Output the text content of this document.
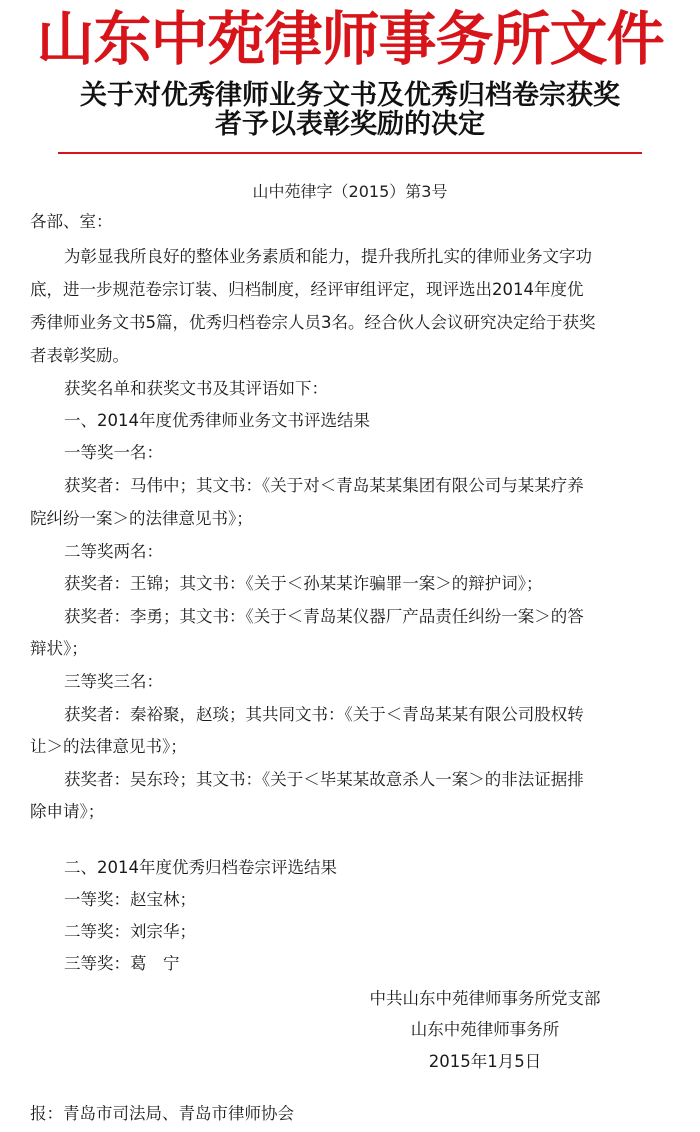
山东中苑律师事务所文件
关于对优秀律师业务文书及优秀归档卷宗获奖
者予以表彰奖励的决定
山中苑律字（2015）第3号
各部、室：
为彰显我所良好的整体业务素质和能力，提升我所扎实的律师业务文字功
底，进一步规范卷宗订装、归档制度，经评审组评定，现评选出2014年度优
秀律师业务文书5篇，优秀归档卷宗人员3名。经合伙人会议研究决定给于获奖
者表彰奖励。
获奖名单和获奖文书及其评语如下：
一、2014年度优秀律师业务文书评选结果
一等奖一名：
获奖者：马伟中；其文书：《关于对＜青岛某某集团有限公司与某某疗养
院纠纷一案＞的法律意见书》；
二等奖两名：
获奖者：王锦；其文书：《关于＜孙某某诈骗罪一案＞的辩护词》；
获奖者：李勇；其文书：《关于＜青岛某仪器厂产品责任纠纷一案＞的答
辩状》；
三等奖三名：
获奖者：秦裕聚，赵琰；其共同文书：《关于＜青岛某某有限公司股权转
让＞的法律意见书》；
获奖者：吴东玲；其文书：《关于＜毕某某故意杀人一案＞的非法证据排
除申请》；
二、2014年度优秀归档卷宗评选结果
一等奖：赵宝林；
二等奖：刘宗华；
三等奖：葛　宁
中共山东中苑律师事务所党支部
山东中苑律师事务所
2015年1月5日
报：青岛市司法局、青岛市律师协会
